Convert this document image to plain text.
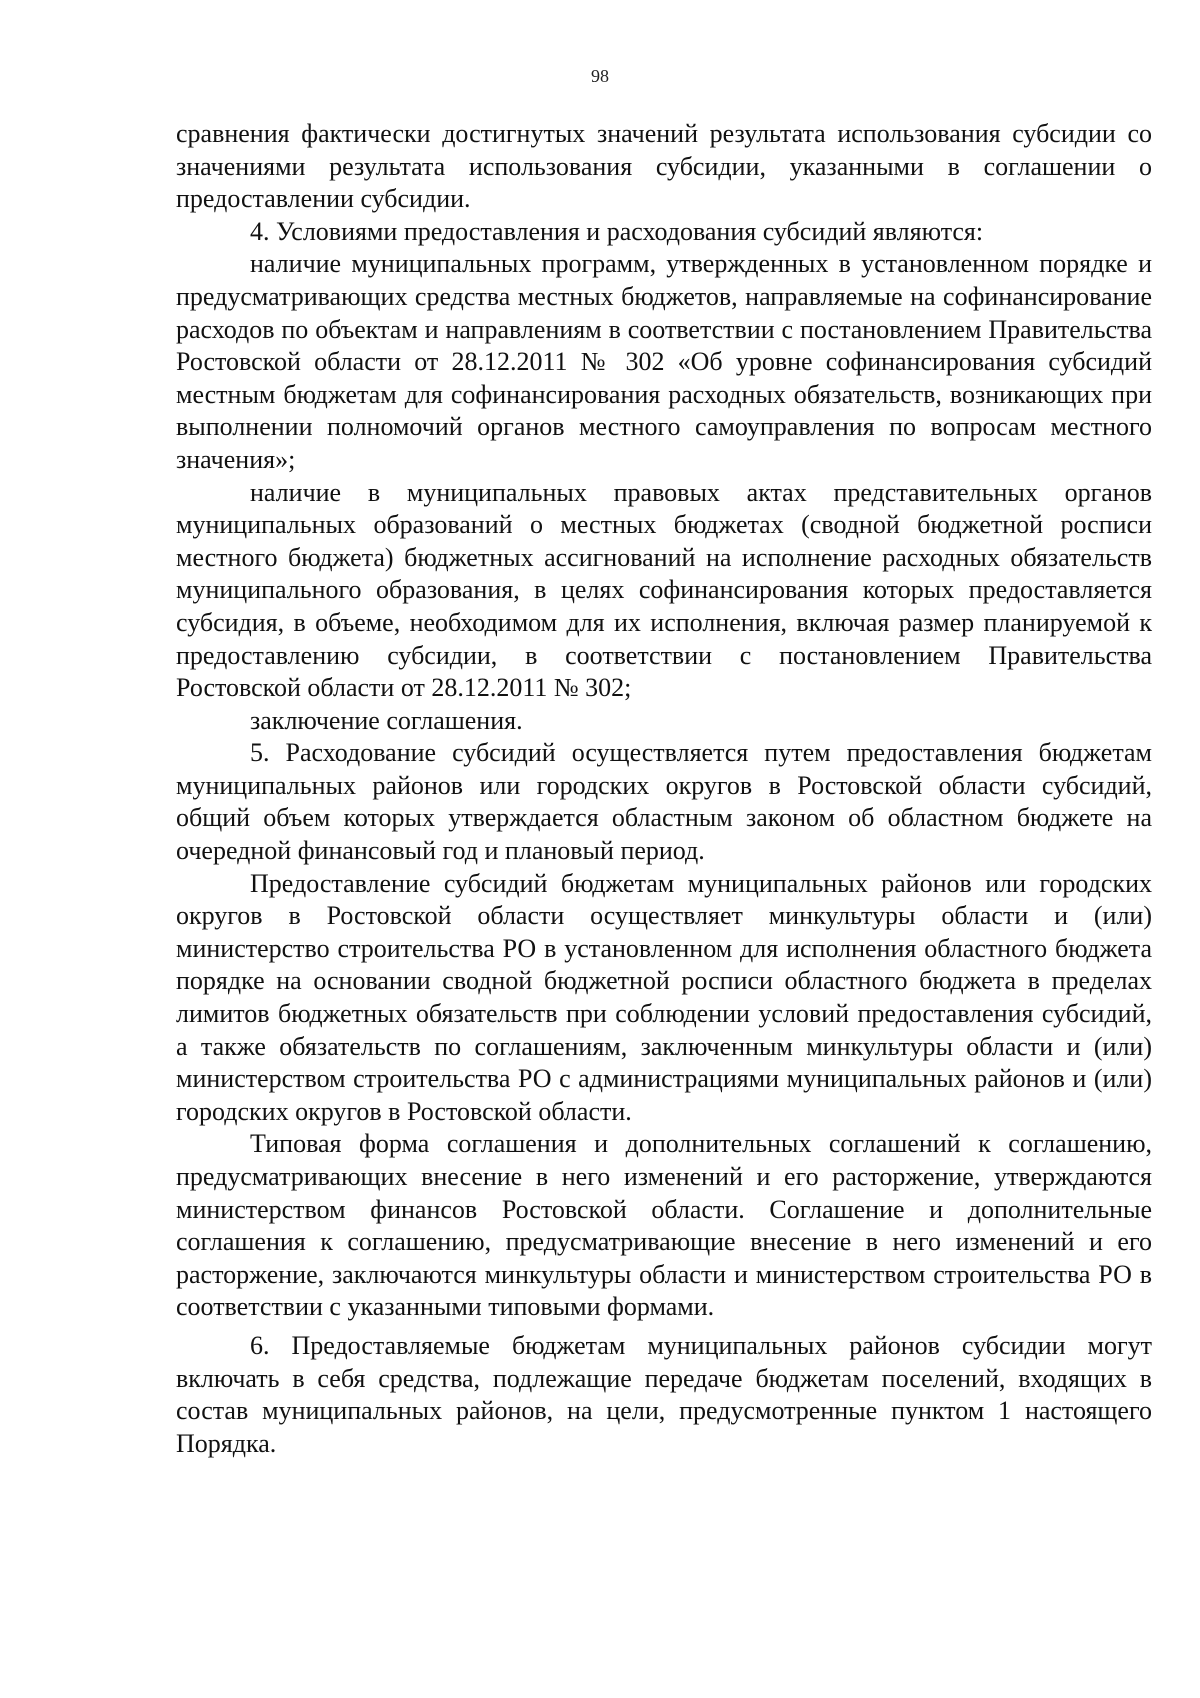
98

сравнения фактически достигнутых значений результата использования субсидии со значениями результата использования субсидии, указанными в соглашении о предоставлении субсидии.

4. Условиями предоставления и расходования субсидий являются:

наличие муниципальных программ, утвержденных в установленном порядке и предусматривающих средства местных бюджетов, направляемые на софинансирование расходов по объектам и направлениям в соответствии с постановлением Правительства Ростовской области от 28.12.2011 № 302 «Об уровне софинансирования субсидий местным бюджетам для софинансирования расходных обязательств, возникающих при выполнении полномочий органов местного самоуправления по вопросам местного значения»;

наличие в муниципальных правовых актах представительных органов муниципальных образований о местных бюджетах (сводной бюджетной росписи местного бюджета) бюджетных ассигнований на исполнение расходных обязательств муниципального образования, в целях софинансирования которых предоставляется субсидия, в объеме, необходимом для их исполнения, включая размер планируемой к предоставлению субсидии, в соответствии с постановлением Правительства Ростовской области от 28.12.2011 № 302;

заключение соглашения.

5. Расходование субсидий осуществляется путем предоставления бюджетам муниципальных районов или городских округов в Ростовской области субсидий, общий объем которых утверждается областным законом об областном бюджете на очередной финансовый год и плановый период.

Предоставление субсидий бюджетам муниципальных районов или городских округов в Ростовской области осуществляет минкультуры области и (или) министерство строительства РО в установленном для исполнения областного бюджета порядке на основании сводной бюджетной росписи областного бюджета в пределах лимитов бюджетных обязательств при соблюдении условий предоставления субсидий, а также обязательств по соглашениям, заключенным минкультуры области и (или) министерством строительства РО с администрациями муниципальных районов и (или) городских округов в Ростовской области.

Типовая форма соглашения и дополнительных соглашений к соглашению, предусматривающих внесение в него изменений и его расторжение, утверждаются министерством финансов Ростовской области. Соглашение и дополнительные соглашения к соглашению, предусматривающие внесение в него изменений и его расторжение, заключаются минкультуры области и министерством строительства РО в соответствии с указанными типовыми формами.

6. Предоставляемые бюджетам муниципальных районов субсидии могут включать в себя средства, подлежащие передаче бюджетам поселений, входящих в состав муниципальных районов, на цели, предусмотренные пунктом 1 настоящего Порядка.
